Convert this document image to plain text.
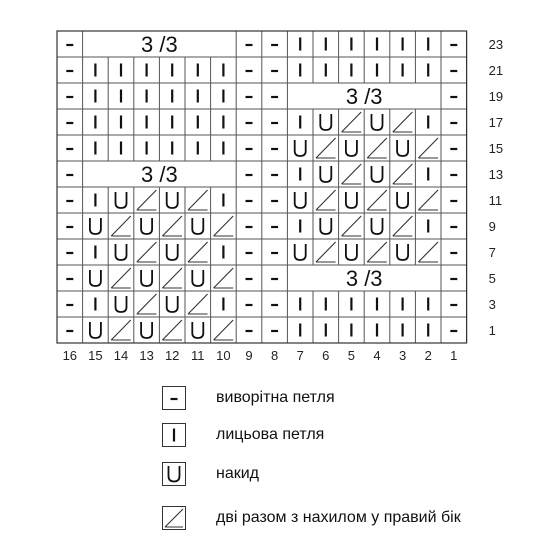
3 /3
3 /3
3 /3
3 /3
16 15 14 13 12 11 10 9 8 7 6 5 4 3 2 1
23
21
19
17
15
13
11
9
7
5
3
1
виворітна петля
лицьова петля
накид
дві разом з нахилом у правий бік
